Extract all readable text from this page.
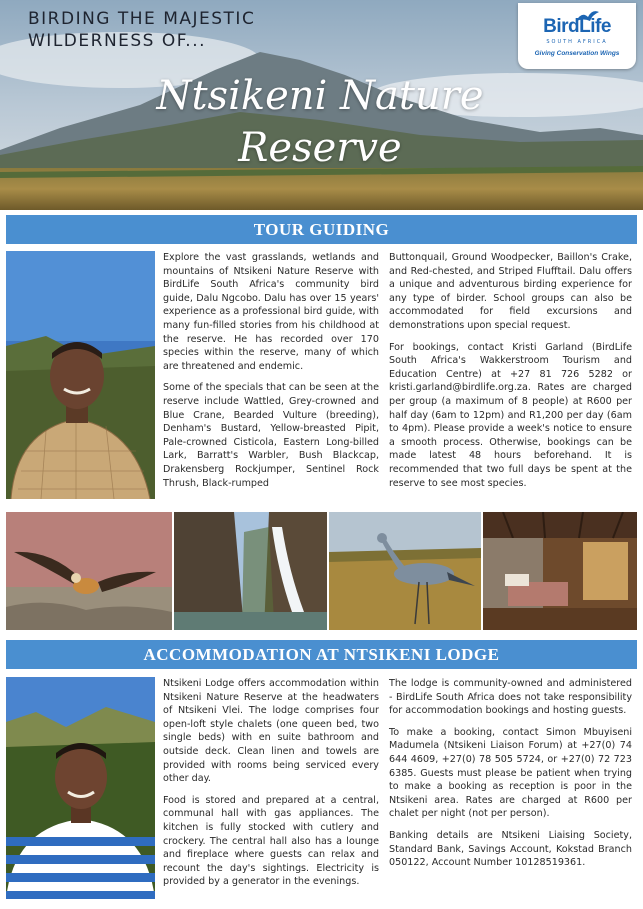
BIRDING THE MAJESTIC
WILDERNESS OF...
Ntsikeni Nature Reserve
BirdLife
SOUTH AFRICA
Giving Conservation Wings
TOUR GUIDING

Explore the vast grasslands, wetlands and mountains of Ntsikeni Nature Reserve with BirdLife South Africa's community bird guide, Dalu Ngcobo. Dalu has over 15 years' experience as a professional bird guide, with many fun-filled stories from his childhood at the reserve. He has recorded over 170 species within the reserve, many of which are threatened and endemic.

Some of the specials that can be seen at the reserve include Wattled, Grey-crowned and Blue Crane, Bearded Vulture (breeding), Denham's Bustard, Yellow-breasted Pipit, Pale-crowned Cisticola, Eastern Long-billed Lark, Barratt's Warbler, Bush Blackcap, Drakensberg Rockjumper, Sentinel Rock Thrush, Black-rumped

Buttonquail, Ground Woodpecker, Baillon's Crake, and Red-chested, and Striped Flufftail. Dalu offers a unique and adventurous birding experience for any type of birder. School groups can also be accommodated for field excursions and demonstrations upon special request.

For bookings, contact Kristi Garland (BirdLife South Africa's Wakkerstroom Tourism and Education Centre) at +27 81 726 5282 or kristi.garland@birdlife.org.za. Rates are charged per group (a maximum of 8 people) at R600 per half day (6am to 12pm) and R1,200 per day (6am to 4pm). Please provide a week's notice to ensure a smooth process. Otherwise, bookings can be made latest 48 hours beforehand. It is recommended that two full days be spent at the reserve to see most species.

ACCOMMODATION AT NTSIKENI LODGE

Ntsikeni Lodge offers accommodation within Ntsikeni Nature Reserve at the headwaters of Ntsikeni Vlei. The lodge comprises four open-loft style chalets (one queen bed, two single beds) with en suite bathroom and outside deck. Clean linen and towels are provided with rooms being serviced every other day.

Food is stored and prepared at a central, communal hall with gas appliances. The kitchen is fully stocked with cutlery and crockery. The central hall also has a lounge and fireplace where guests can relax and recount the day's sightings. Electricity is provided by a generator in the evenings.

The lodge is community-owned and administered - BirdLife South Africa does not take responsibility for accommodation bookings and hosting guests.

To make a booking, contact Simon Mbuyiseni Madumela (Ntsikeni Liaison Forum) at +27(0) 74 644 4609, +27(0) 78 505 5724, or +27(0) 72 723 6385. Guests must please be patient when trying to make a booking as reception is poor in the Ntsikeni area. Rates are charged at R600 per chalet per night (not per person).

Banking details are Ntsikeni Liaising Society, Standard Bank, Savings Account, Kokstad Branch 050122, Account Number 10128519361.
